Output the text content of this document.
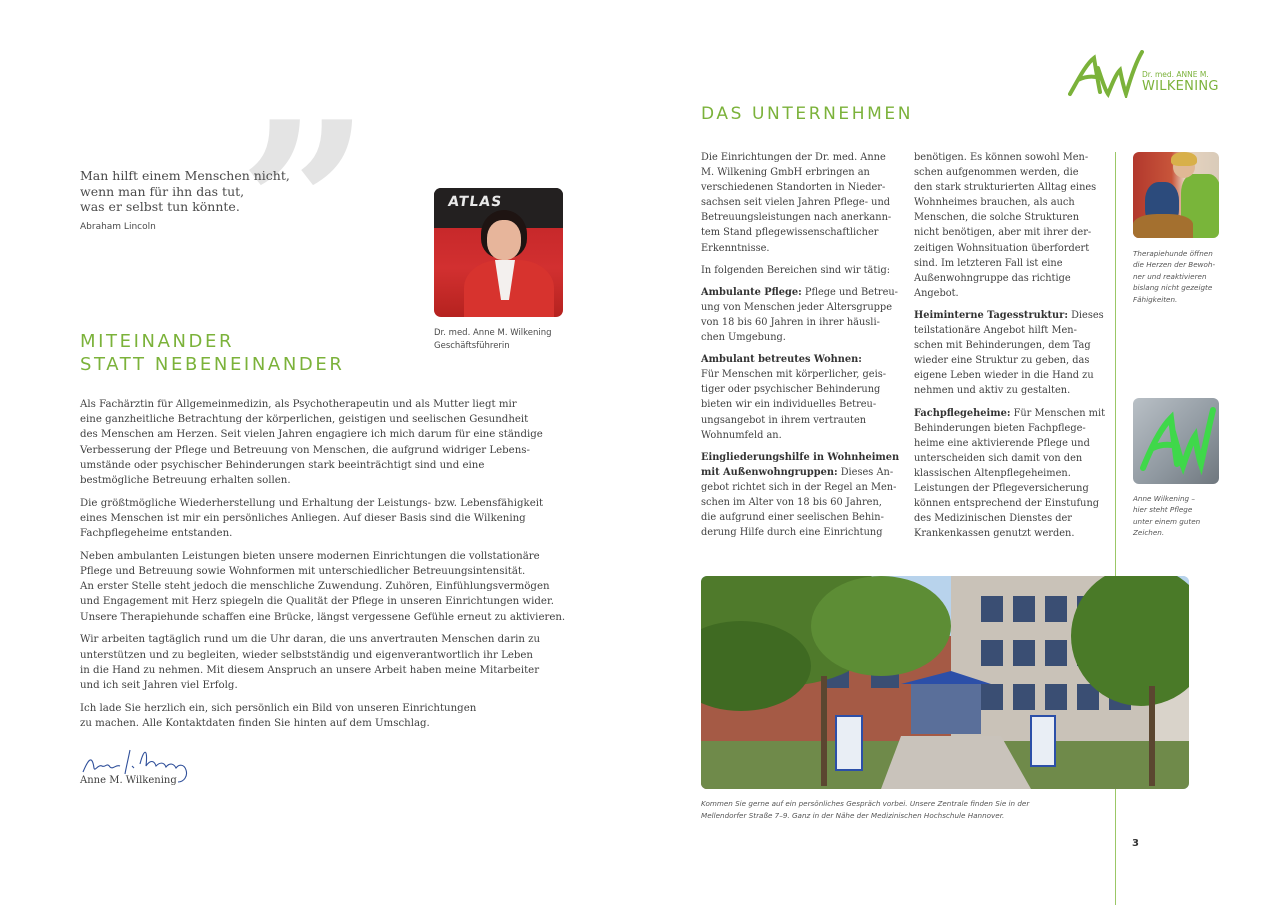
”
Man hilft einem Menschen nicht,
wenn man für ihn das tut,
was er selbst tun könnte.
Abraham Lincoln
ATLAS
Dr. med. Anne M. Wilkening
Geschäftsführerin
MITEINANDER
STATT NEBENEINANDER

Als Fachärztin für Allgemeinmedizin, als Psychotherapeutin und als Mutter liegt mir
eine ganzheitliche Betrachtung der körperlichen, geistigen und seelischen Gesundheit
des Menschen am Herzen. Seit vielen Jahren engagiere ich mich darum für eine ständige
Verbesserung der Pflege und Betreuung von Menschen, die aufgrund widriger Lebens-
umstände oder psychischer Behinderungen stark beeinträchtigt sind und eine
bestmögliche Betreuung erhalten sollen.

Die größtmögliche Wiederherstellung und Erhaltung der Leistungs- bzw. Lebensfähigkeit
eines Menschen ist mir ein persönliches Anliegen. Auf dieser Basis sind die Wilkening
Fachpflegeheime entstanden.

Neben ambulanten Leistungen bieten unsere modernen Einrichtungen die vollstationäre
Pflege und Betreuung sowie Wohnformen mit unterschiedlicher Betreuungsintensität.
An erster Stelle steht jedoch die menschliche Zuwendung. Zuhören, Einfühlungsvermögen
und Engagement mit Herz spiegeln die Qualität der Pflege in unseren Einrichtungen wider.
Unsere Therapiehunde schaffen eine Brücke, längst vergessene Gefühle erneut zu aktivieren.

Wir arbeiten tagtäglich rund um die Uhr daran, die uns anvertrauten Menschen darin zu
unterstützen und zu begleiten, wieder selbstständig und eigenverantwortlich ihr Leben
in die Hand zu nehmen. Mit diesem Anspruch an unsere Arbeit haben meine Mitarbeiter
und ich seit Jahren viel Erfolg.

Ich lade Sie herzlich ein, sich persönlich ein Bild von unseren Einrichtungen
zu machen. Alle Kontaktdaten finden Sie hinten auf dem Umschlag.

Anne M. Wilkening
Dr. med. ANNE M.
WILKENING
DAS UNTERNEHMEN

Die Einrichtungen der Dr. med. Anne
M. Wilkening GmbH erbringen an
verschiedenen Standorten in Nieder-
sachsen seit vielen Jahren Pflege- und
Betreuungsleistungen nach anerkann-
tem Stand pflegewissenschaftlicher
Erkenntnisse.

In folgenden Bereichen sind wir tätig:

Ambulante Pflege: Pflege und Betreu-
ung von Menschen jeder Altersgruppe
von 18 bis 60 Jahren in ihrer häusli-
chen Umgebung.

Ambulant betreutes Wohnen:
Für Menschen mit körperlicher, geis-
tiger oder psychischer Behinderung
bieten wir ein individuelles Betreu-
ungsangebot in ihrem vertrauten
Wohnumfeld an.

Eingliederungshilfe in Wohnheimen mit Außenwohngruppen: Dieses An-
gebot richtet sich in der Regel an Men-
schen im Alter von 18 bis 60 Jahren,
die aufgrund einer seelischen Behin-
derung Hilfe durch eine Einrichtung

benötigen. Es können sowohl Men-
schen aufgenommen werden, die
den stark strukturierten Alltag eines
Wohnheimes brauchen, als auch
Menschen, die solche Strukturen
nicht benötigen, aber mit ihrer der-
zeitigen Wohnsituation überfordert
sind. Im letzteren Fall ist eine
Außenwohngruppe das richtige
Angebot.

Heiminterne Tagesstruktur: Dieses
teilstationäre Angebot hilft Men-
schen mit Behinderungen, dem Tag
wieder eine Struktur zu geben, das
eigene Leben wieder in die Hand zu
nehmen und aktiv zu gestalten.

Fachpflegeheime: Für Menschen mit
Behinderungen bieten Fachpflege-
heime eine aktivierende Pflege und
unterscheiden sich damit von den
klassischen Altenpflegeheimen.
Leistungen der Pflegeversicherung
können entsprechend der Einstufung
des Medizinischen Dienstes der
Krankenkassen genutzt werden.

Therapiehunde öffnen
die Herzen der Bewoh-
ner und reaktivieren
bislang nicht gezeigte
Fähigkeiten.
Anne Wilkening –
hier steht Pflege
unter einem guten
Zeichen.
Kommen Sie gerne auf ein persönliches Gespräch vorbei. Unsere Zentrale finden Sie in der
Mellendorfer Straße 7–9. Ganz in der Nähe der Medizinischen Hochschule Hannover.
3
